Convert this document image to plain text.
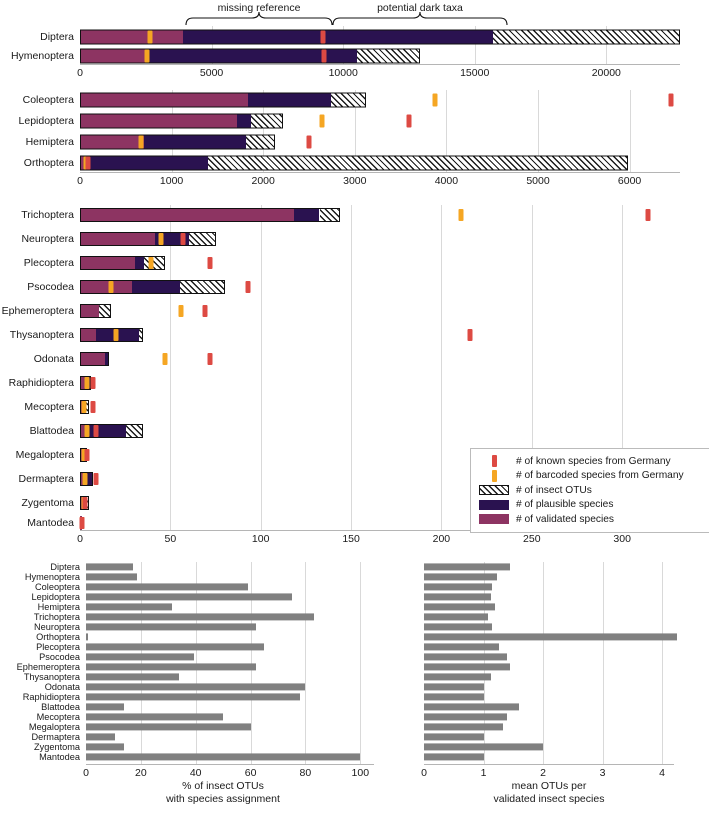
missing reference	potential dark taxa
Diptera
Hymenoptera
0	5000	10000	15000	20000
Coleoptera
Lepidoptera
Hemiptera
Orthoptera
0	1000	2000	3000	4000	5000	6000
Trichoptera
Neuroptera
Plecoptera
Psocodea
Ephemeroptera
Thysanoptera
Odonata
Raphidioptera
Mecoptera
Blattodea
Megaloptera
Dermaptera
Zygentoma
Mantodea
0	50	100	150	200	250	300
# of known species from Germany
# of barcoded species from Germany
# of insect OTUs
# of plausible species
# of validated species
Diptera
Hymenoptera
Coleoptera
Lepidoptera
Hemiptera
Trichoptera
Neuroptera
Orthoptera
Plecoptera
Psocodea
Ephemeroptera
Thysanoptera
Odonata
Raphidioptera
Blattodea
Mecoptera
Megaloptera
Dermaptera
Zygentoma
Mantodea
0	20	40	60	80	100
% of insect OTUs
with species assignment
0	1	2	3	4
mean OTUs per
validated insect species
